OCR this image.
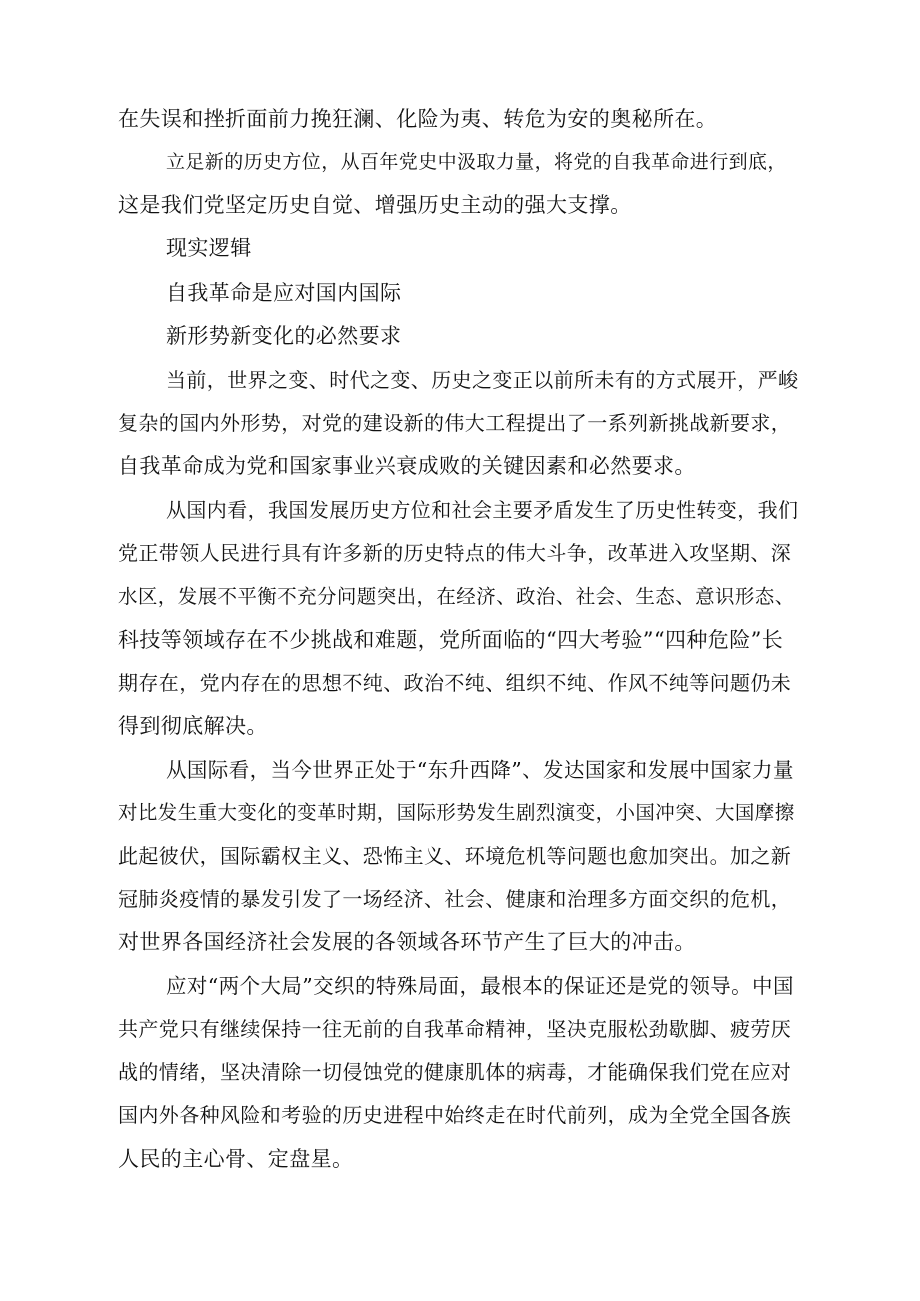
在失误和挫折面前力挽狂澜、化险为夷、转危为安的奥秘所在。

立足新的历史方位，从百年党史中汲取力量，将党的自我革命进行到底，

这是我们党坚定历史自觉、增强历史主动的强大支撑。

现实逻辑

自我革命是应对国内国际

新形势新变化的必然要求

当前，世界之变、时代之变、历史之变正以前所未有的方式展开，严峻

复杂的国内外形势，对党的建设新的伟大工程提出了一系列新挑战新要求，

自我革命成为党和国家事业兴衰成败的关键因素和必然要求。

从国内看，我国发展历史方位和社会主要矛盾发生了历史性转变，我们

党正带领人民进行具有许多新的历史特点的伟大斗争，改革进入攻坚期、深

水区，发展不平衡不充分问题突出，在经济、政治、社会、生态、意识形态、

科技等领域存在不少挑战和难题，党所面临的“四大考验”“四种危险”长

期存在，党内存在的思想不纯、政治不纯、组织不纯、作风不纯等问题仍未

得到彻底解决。

从国际看，当今世界正处于“东升西降”、发达国家和发展中国家力量

对比发生重大变化的变革时期，国际形势发生剧烈演变，小国冲突、大国摩擦

此起彼伏，国际霸权主义、恐怖主义、环境危机等问题也愈加突出。加之新

冠肺炎疫情的暴发引发了一场经济、社会、健康和治理多方面交织的危机，

对世界各国经济社会发展的各领域各环节产生了巨大的冲击。

应对“两个大局”交织的特殊局面，最根本的保证还是党的领导。中国

共产党只有继续保持一往无前的自我革命精神，坚决克服松劲歇脚、疲劳厌

战的情绪，坚决清除一切侵蚀党的健康肌体的病毒，才能确保我们党在应对

国内外各种风险和考验的历史进程中始终走在时代前列，成为全党全国各族

人民的主心骨、定盘星。
